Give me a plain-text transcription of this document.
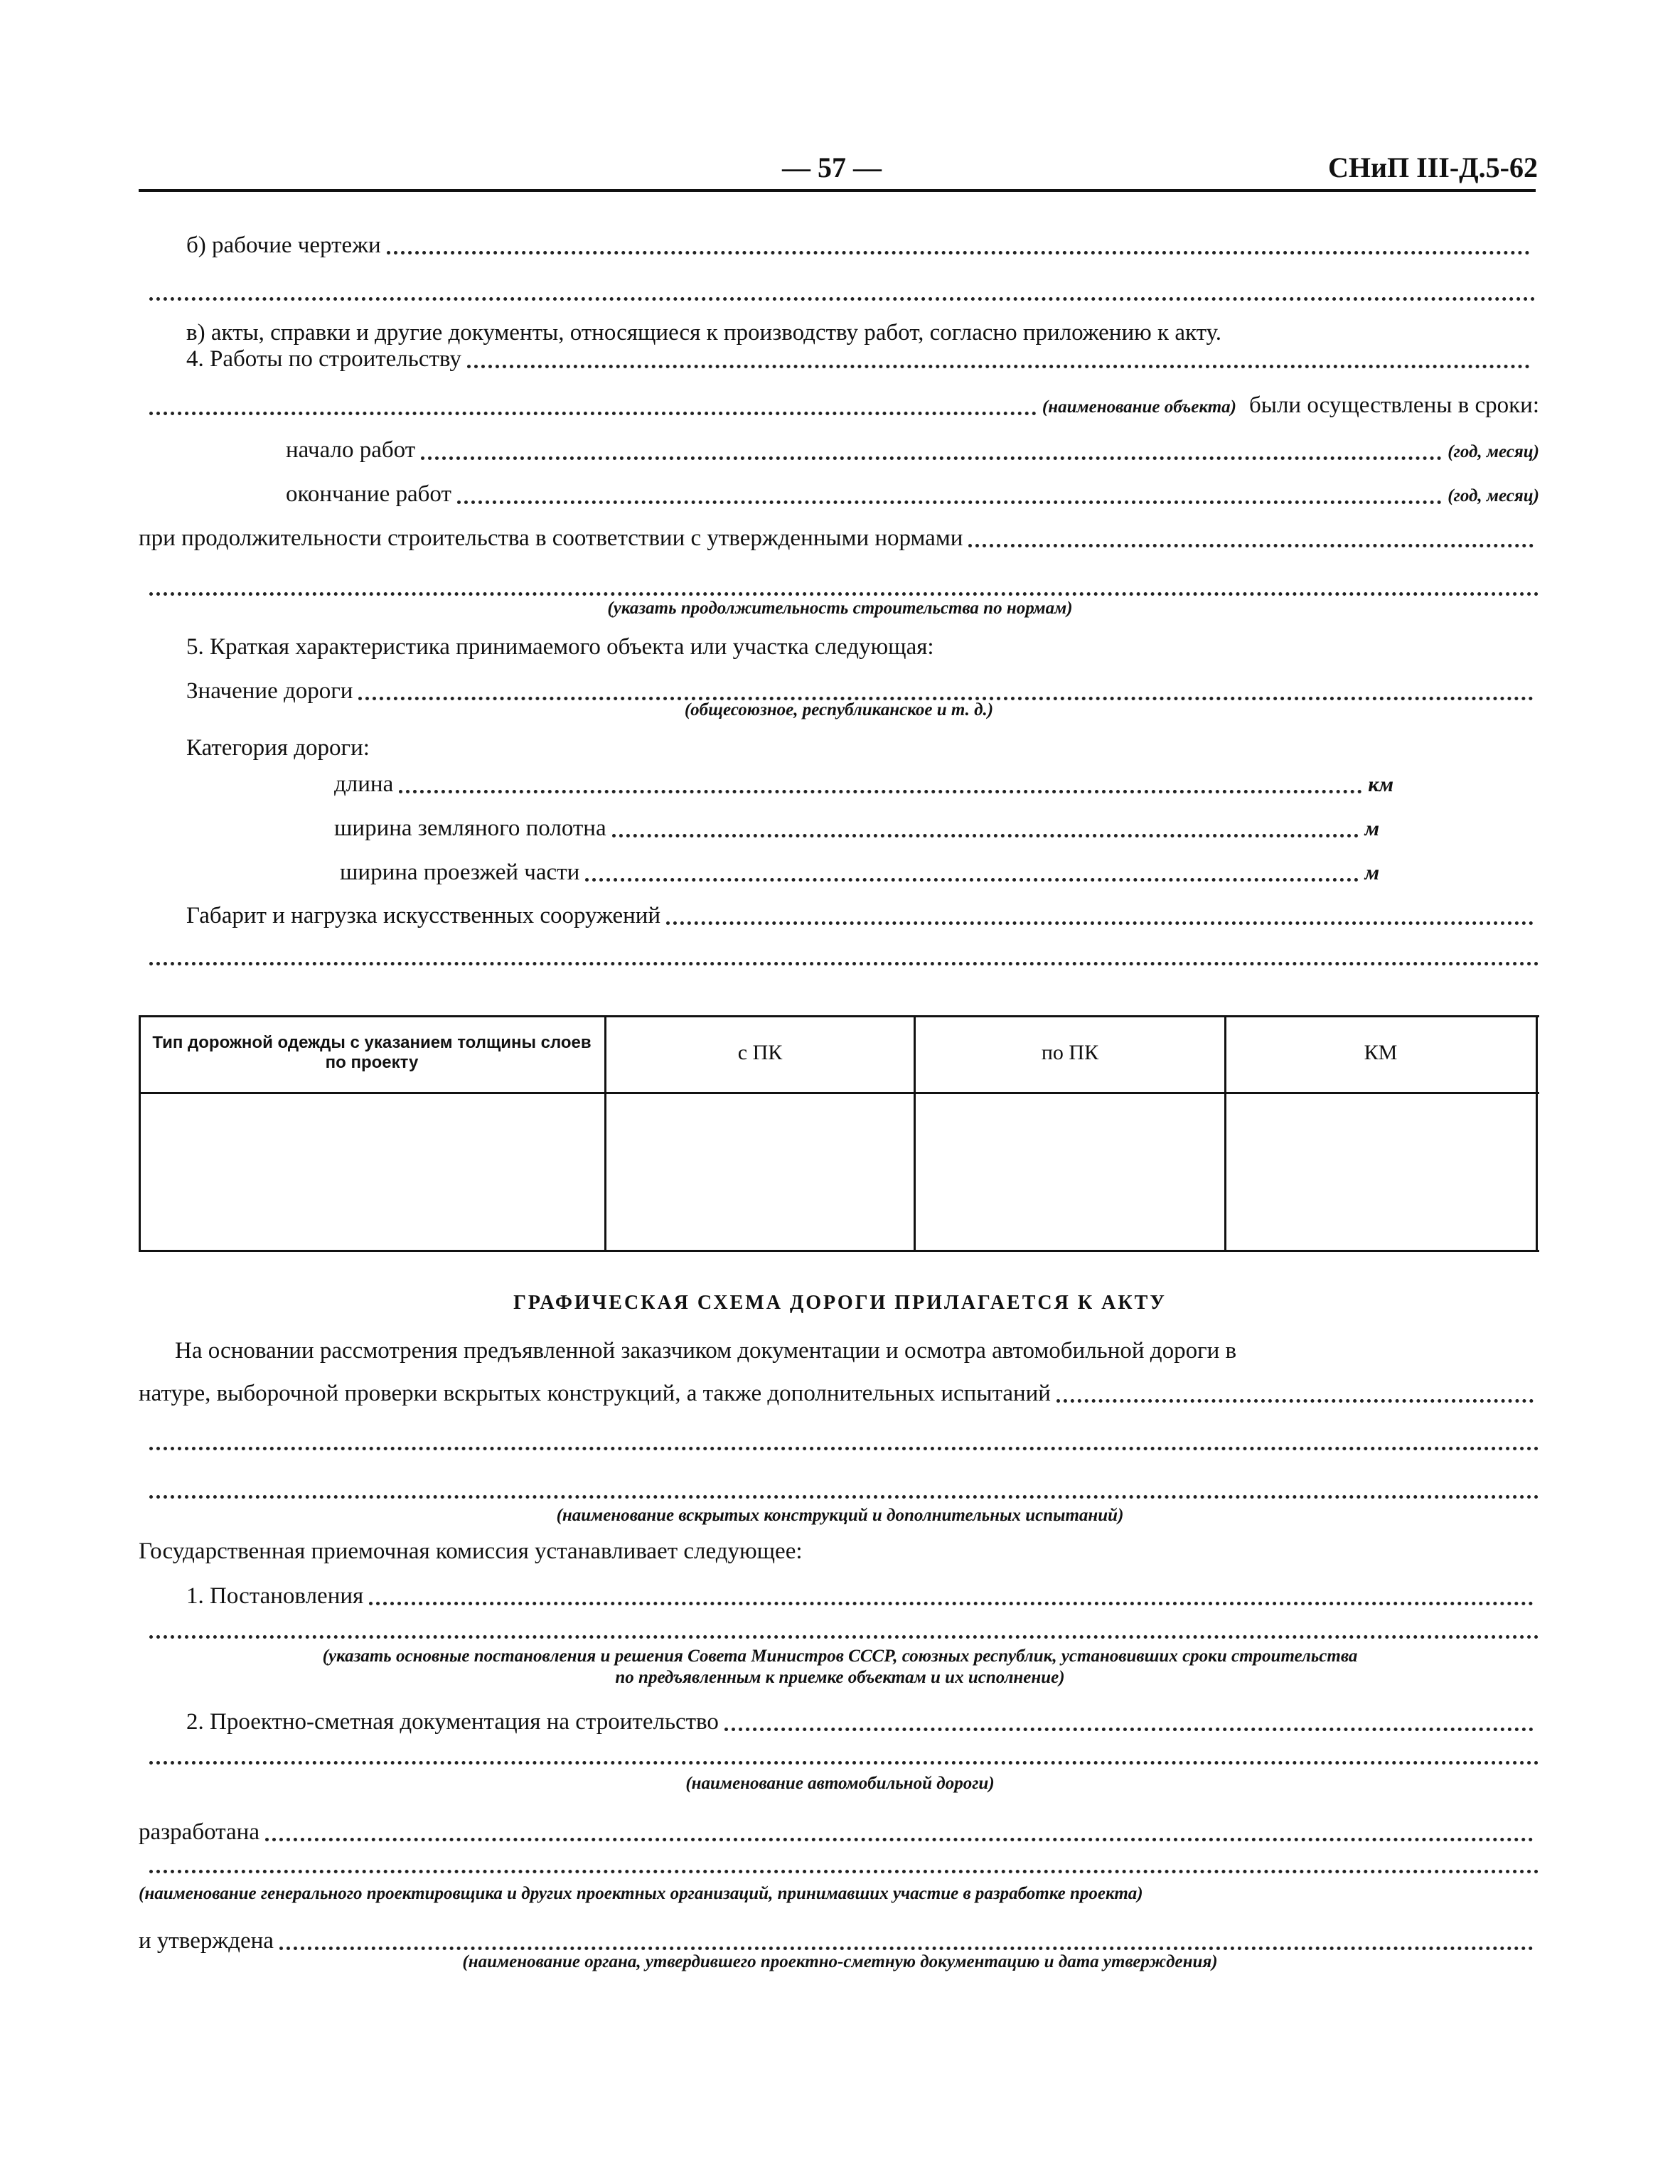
— 57 —	СНиП III-Д.5-62
б) рабочие чертежи
в) акты, справки и другие документы, относящиеся к производству работ, согласно приложению к акту.
4. Работы по строительству
(наименование объекта) были осуществлены в сроки:
начало работ	(год, месяц)
окончание работ	(год, месяц)
при продолжительности строительства в соответствии с утвержденными нормами
(указать продолжительность строительства по нормам)
5. Краткая характеристика принимаемого объекта или участка следующая:
Значение дороги
(общесоюзное, республиканское и т. д.)
Категория дороги:
длина	км
ширина земляного полотна	м
ширина проезжей части	м
Габарит и нагрузка искусственных сооружений
Тип дорожной одежды с указанием толщины слоев по проекту	с ПК	по ПК	КМ
ГРАФИЧЕСКАЯ СХЕМА ДОРОГИ ПРИЛАГАЕТСЯ К АКТУ
На основании рассмотрения предъявленной заказчиком документации и осмотра автомобильной дороги в
натуре, выборочной проверки вскрытых конструкций, а также дополнительных испытаний
(наименование вскрытых конструкций и дополнительных испытаний)
Государственная приемочная комиссия устанавливает следующее:
1. Постановления
(указать основные постановления и решения Совета Министров СССР, союзных республик, установивших сроки строительства
по предъявленным к приемке объектам и их исполнение)
2. Проектно-сметная документация на строительство
(наименование автомобильной дороги)
разработана
(наименование генерального проектировщика и других проектных организаций, принимавших участие в разработке проекта)
и утверждена
(наименование органа, утвердившего проектно-сметную документацию и дата утверждения)
